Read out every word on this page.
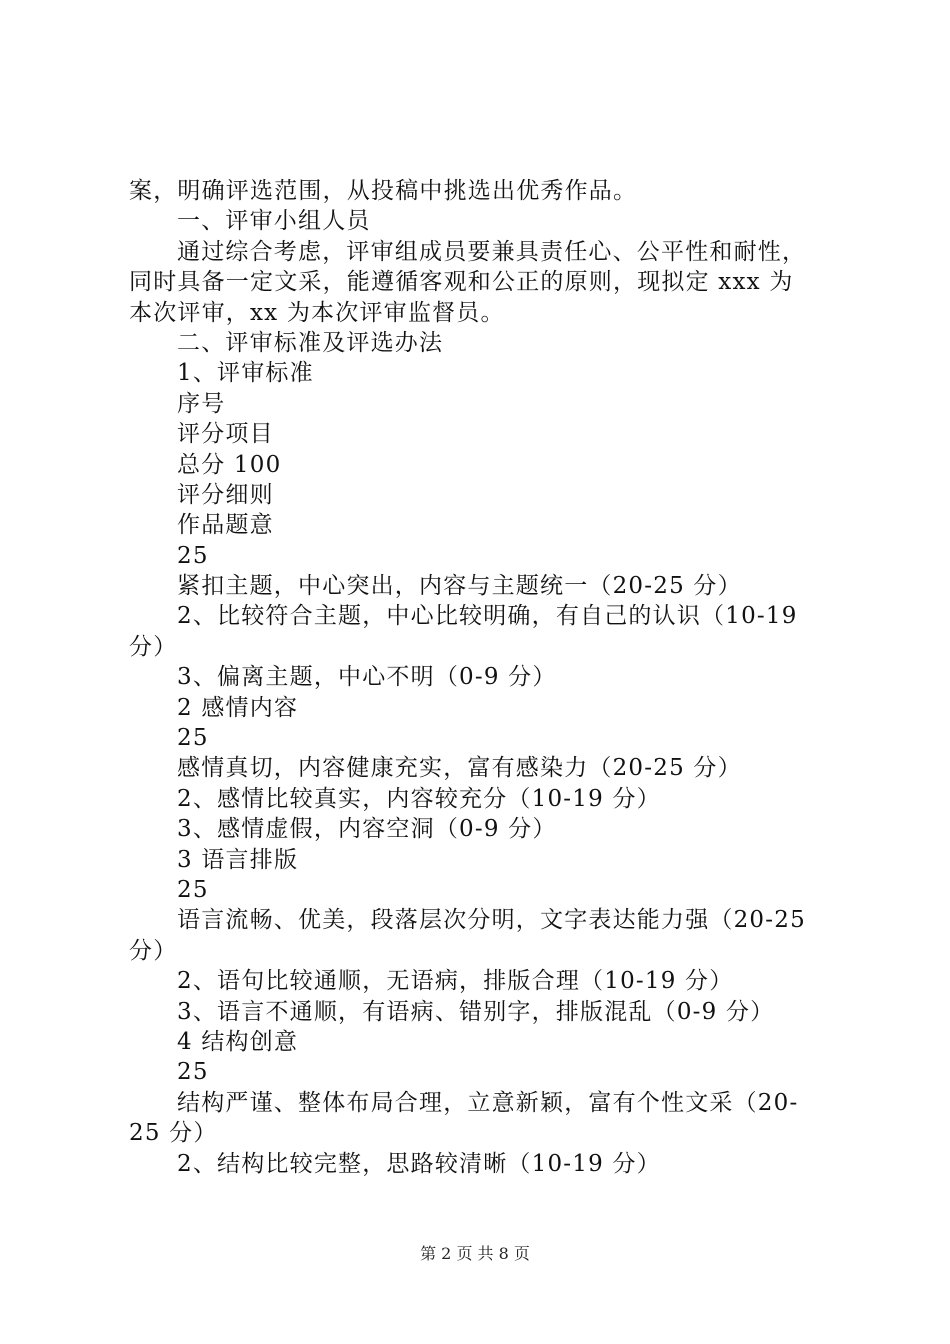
案，明确评选范围，从投稿中挑选出优秀作品。
一、评审小组人员
通过综合考虑，评审组成员要兼具责任心、公平性和耐性，
同时具备一定文采，能遵循客观和公正的原则，现拟定 xxx 为
本次评审，xx 为本次评审监督员。
二、评审标准及评选办法
1、评审标准
序号
评分项目
总分 100
评分细则
作品题意
25
紧扣主题，中心突出，内容与主题统一（20-25 分）
2、比较符合主题，中心比较明确，有自己的认识（10-19
分）
3、偏离主题，中心不明（0-9 分）
2 感情内容
25
感情真切，内容健康充实，富有感染力（20-25 分）
2、感情比较真实，内容较充分（10-19 分）
3、感情虚假，内容空洞（0-9 分）
3 语言排版
25
语言流畅、优美，段落层次分明，文字表达能力强（20-25
分）
2、语句比较通顺，无语病，排版合理（10-19 分）
3、语言不通顺，有语病、错别字，排版混乱（0-9 分）
4 结构创意
25
结构严谨、整体布局合理，立意新颖，富有个性文采（20-
25 分）
2、结构比较完整，思路较清晰（10-19 分）
第 2 页 共 8 页
